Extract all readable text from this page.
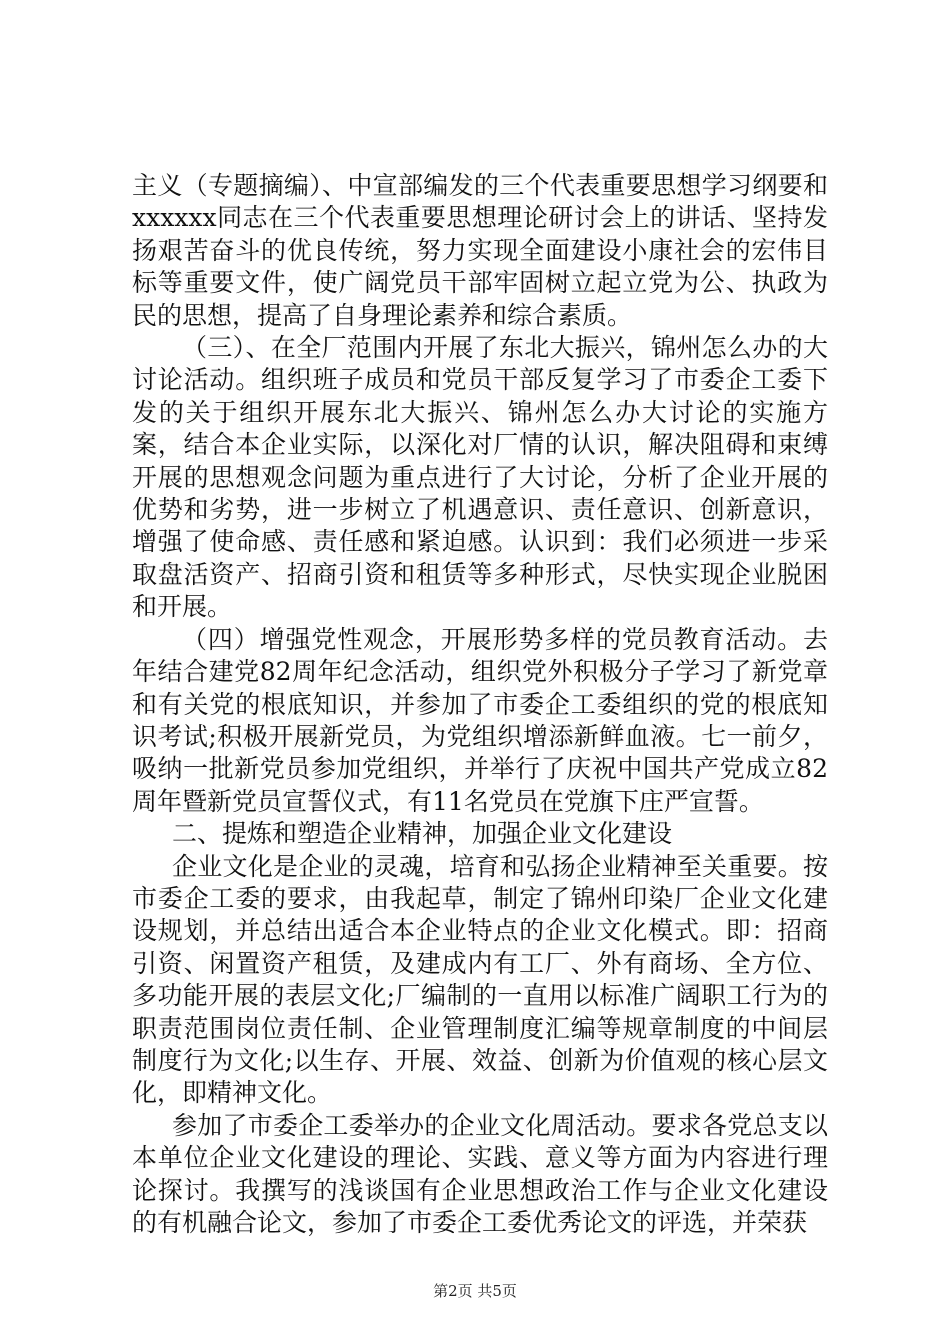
主义（专题摘编）、中宣部编发的三个代表重要思想学习纲要和xxxxxx同志在三个代表重要思想理论研讨会上的讲话、坚持发扬艰苦奋斗的优良传统，努力实现全面建设小康社会的宏伟目标等重要文件，使广阔党员干部牢固树立起立党为公、执政为民的思想，提高了自身理论素养和综合素质。

（三）、在全厂范围内开展了东北大振兴，锦州怎么办的大讨论活动。组织班子成员和党员干部反复学习了市委企工委下发的关于组织开展东北大振兴、锦州怎么办大讨论的实施方案，结合本企业实际，以深化对厂情的认识，解决阻碍和束缚开展的思想观念问题为重点进行了大讨论，分析了企业开展的优势和劣势，进一步树立了机遇意识、责任意识、创新意识，增强了使命感、责任感和紧迫感。认识到：我们必须进一步采取盘活资产、招商引资和租赁等多种形式，尽快实现企业脱困和开展。

（四）增强党性观念，开展形势多样的党员教育活动。去年结合建党82周年纪念活动，组织党外积极分子学习了新党章和有关党的根底知识，并参加了市委企工委组织的党的根底知识考试;积极开展新党员，为党组织增添新鲜血液。七一前夕，吸纳一批新党员参加党组织，并举行了庆祝中国共产党成立82周年暨新党员宣誓仪式，有11名党员在党旗下庄严宣誓。

二、提炼和塑造企业精神，加强企业文化建设

企业文化是企业的灵魂，培育和弘扬企业精神至关重要。按市委企工委的要求，由我起草，制定了锦州印染厂企业文化建设规划，并总结出适合本企业特点的企业文化模式。即：招商引资、闲置资产租赁，及建成内有工厂、外有商场、全方位、多功能开展的表层文化;厂编制的一直用以标准广阔职工行为的职责范围岗位责任制、企业管理制度汇编等规章制度的中间层制度行为文化;以生存、开展、效益、创新为价值观的核心层文化，即精神文化。

参加了市委企工委举办的企业文化周活动。要求各党总支以本单位企业文化建设的理论、实践、意义等方面为内容进行理论探讨。我撰写的浅谈国有企业思想政治工作与企业文化建设的有机融合论文，参加了市委企工委优秀论文的评选，并荣获

第2页 共5页
